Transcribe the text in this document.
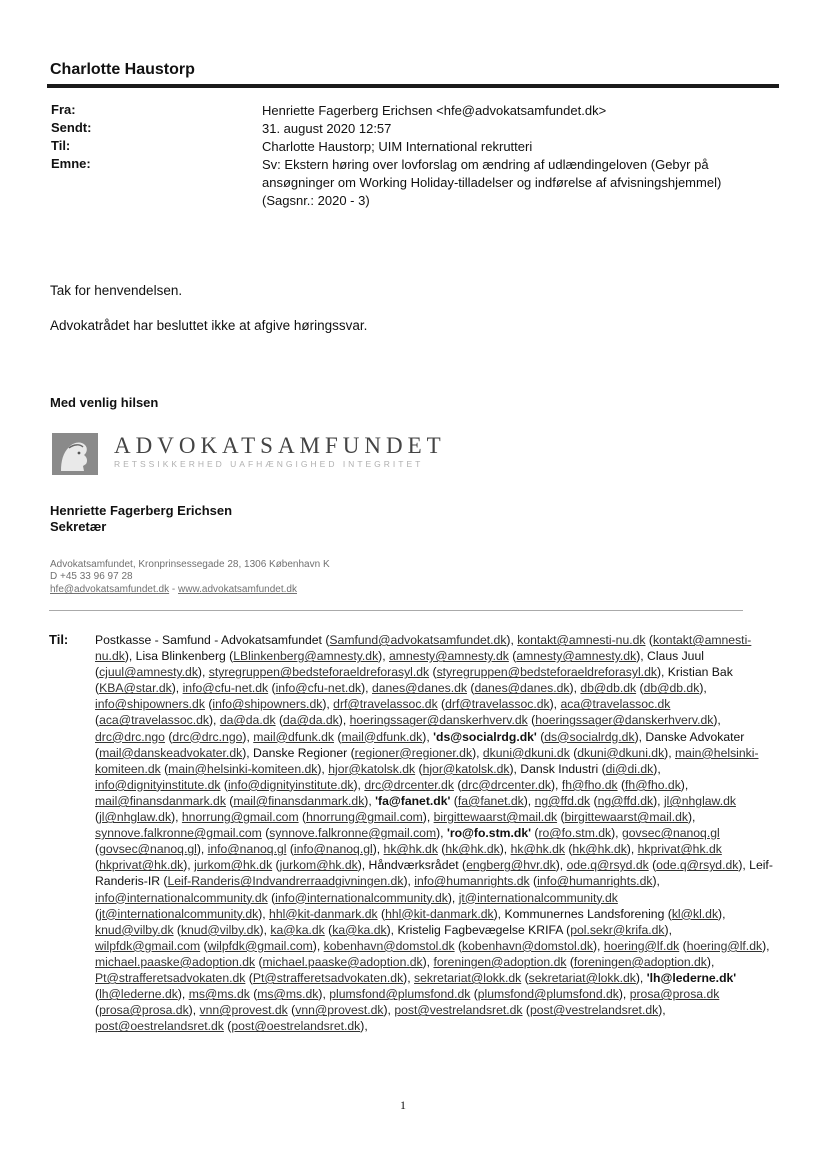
Charlotte Haustorp
Fra:	Henriette Fagerberg Erichsen <hfe@advokatsamfundet.dk>
Sendt:	31. august 2020 12:57
Til:	Charlotte Haustorp; UIM International rekrutteri
Emne:	Sv: Ekstern høring over lovforslag om ændring af udlændingeloven (Gebyr på
ansøgninger om Working Holiday-tilladelser og indførelse af afvisningshjemmel)
(Sagsnr.: 2020 - 3)
Tak for henvendelsen.
Advokatrådet har besluttet ikke at afgive høringssvar.
Med venlig hilsen
ADVOKATSAMFUNDET
RETSSIKKERHED UAFHÆNGIGHED INTEGRITET
Henriette Fagerberg Erichsen
Sekretær
Advokatsamfundet, Kronprinsessegade 28, 1306 København K
D +45 33 96 97 28
hfe@advokatsamfundet.dk - www.advokatsamfundet.dk
Til: Postkasse - Samfund - Advokatsamfundet (Samfund@advokatsamfundet.dk), kontakt@amnesti-nu.dk (kontakt@amnesti-nu.dk), Lisa Blinkenberg (LBlinkenberg@amnesty.dk), amnesty@amnesty.dk (amnesty@amnesty.dk), Claus Juul (cjuul@amnesty.dk), styregruppen@bedsteforaeldreforasyl.dk (styregruppen@bedsteforaeldreforasyl.dk), Kristian Bak (KBA@star.dk), info@cfu-net.dk (info@cfu-net.dk), danes@danes.dk (danes@danes.dk), db@db.dk (db@db.dk), info@shipowners.dk (info@shipowners.dk), drf@travelassoc.dk (drf@travelassoc.dk), aca@travelassoc.dk (aca@travelassoc.dk), da@da.dk (da@da.dk), hoeringssager@danskerhverv.dk (hoeringssager@danskerhverv.dk), drc@drc.ngo (drc@drc.ngo), mail@dfunk.dk (mail@dfunk.dk), 'ds@socialrdg.dk' (ds@socialrdg.dk), Danske Advokater (mail@danskeadvokater.dk), Danske Regioner (regioner@regioner.dk), dkuni@dkuni.dk (dkuni@dkuni.dk), main@helsinki-komiteen.dk (main@helsinki-komiteen.dk), hjor@katolsk.dk (hjor@katolsk.dk), Dansk Industri (di@di.dk), info@dignityinstitute.dk (info@dignityinstitute.dk), drc@drcenter.dk (drc@drcenter.dk), fh@fho.dk (fh@fho.dk), mail@finansdanmark.dk (mail@finansdanmark.dk), 'fa@fanet.dk' (fa@fanet.dk), ng@ffd.dk (ng@ffd.dk), jl@nhglaw.dk (jl@nhglaw.dk), hnorrung@gmail.com (hnorrung@gmail.com), birgittewaarst@mail.dk (birgittewaarst@mail.dk), synnove.falkronne@gmail.com (synnove.falkronne@gmail.com), 'ro@fo.stm.dk' (ro@fo.stm.dk), govsec@nanoq.gl (govsec@nanoq.gl), info@nanoq.gl (info@nanoq.gl), hk@hk.dk (hk@hk.dk), hk@hk.dk (hk@hk.dk), hkprivat@hk.dk (hkprivat@hk.dk), jurkom@hk.dk (jurkom@hk.dk), Håndværksrådet (engberg@hvr.dk), ode.q@rsyd.dk (ode.q@rsyd.dk), Leif-Randeris-IR (Leif-Randeris@Indvandrerraadgivningen.dk), info@humanrights.dk (info@humanrights.dk), info@internationalcommunity.dk (info@internationalcommunity.dk), jt@internationalcommunity.dk (jt@internationalcommunity.dk), hhl@kit-danmark.dk (hhl@kit-danmark.dk), Kommunernes Landsforening (kl@kl.dk), knud@vilby.dk (knud@vilby.dk), ka@ka.dk (ka@ka.dk), Kristelig Fagbevægelse KRIFA (pol.sekr@krifa.dk), wilpfdk@gmail.com (wilpfdk@gmail.com), kobenhavn@domstol.dk (kobenhavn@domstol.dk), hoering@lf.dk (hoering@lf.dk), michael.paaske@adoption.dk (michael.paaske@adoption.dk), foreningen@adoption.dk (foreningen@adoption.dk), Pt@strafferetsadvokaten.dk (Pt@strafferetsadvokaten.dk), sekretariat@lokk.dk (sekretariat@lokk.dk), 'lh@lederne.dk' (lh@lederne.dk), ms@ms.dk (ms@ms.dk), plumsfond@plumsfond.dk (plumsfond@plumsfond.dk), prosa@prosa.dk (prosa@prosa.dk), vnn@provest.dk (vnn@provest.dk), post@vestrelandsret.dk (post@vestrelandsret.dk), post@oestrelandsret.dk (post@oestrelandsret.dk),
1
